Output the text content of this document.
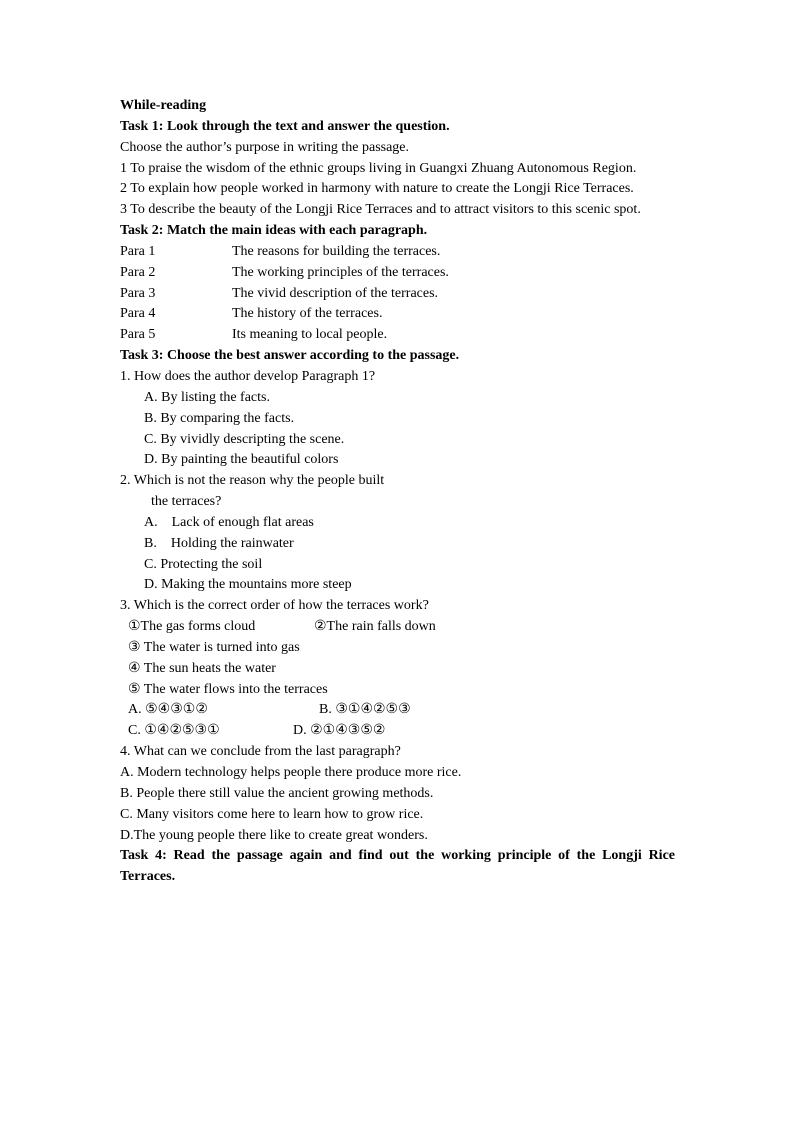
While-reading
Task 1: Look through the text and answer the question.
Choose the author’s purpose in writing the passage.
1 To praise the wisdom of the ethnic groups living in Guangxi Zhuang Autonomous Region.
2 To explain how people worked in harmony with nature to create the Longji Rice Terraces.
3 To describe the beauty of the Longji Rice Terraces and to attract visitors to this scenic spot.
Task 2: Match the main ideas with each paragraph.
Para 1	The reasons for building the terraces.
Para 2	The working principles of the terraces.
Para 3	The vivid description of the terraces.
Para 4	The history of the terraces.
Para 5	Its meaning to local people.
Task 3: Choose the best answer according to the passage.
1. How does the author develop Paragraph 1?
A. By listing the facts.
B. By comparing the facts.
C. By vividly descripting the scene.
D. By painting the beautiful colors
2. Which is not the reason why the people built
the terraces?
A.    Lack of enough flat areas
B.    Holding the rainwater
C. Protecting the soil
D. Making the mountains more steep
3. Which is the correct order of how the terraces work?
①The gas forms cloud	②The rain falls down
③ The water is turned into gas
④ The sun heats the water
⑤ The water flows into the terraces
A. ⑤④③①②	B. ③①④②⑤③
C. ①④②⑤③①	D. ②①④③⑤②
4. What can we conclude from the last paragraph?
A. Modern technology helps people there produce more rice.
B. People there still value the ancient growing methods.
C. Many visitors come here to learn how to grow rice.
D.The young people there like to create great wonders.
Task 4: Read the passage again and find out the working principle of the Longji Rice Terraces.
